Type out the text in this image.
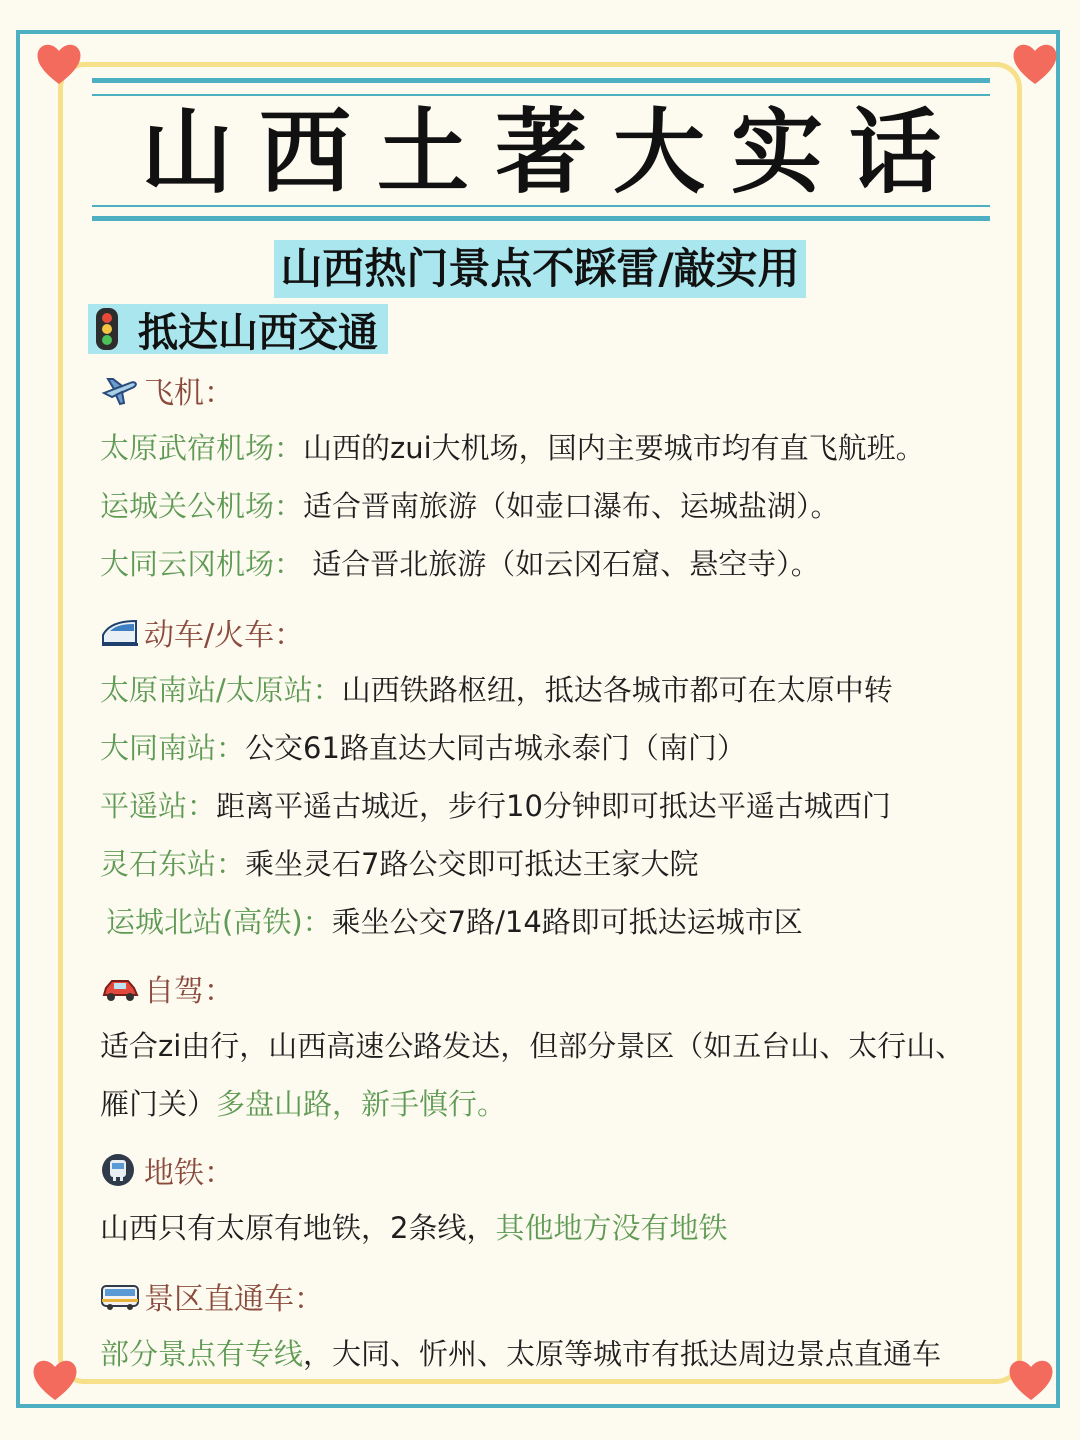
山西土著大实话
山西热门景点不踩雷/敲实用
抵达山西交通
飞机：
太原武宿机场：山西的zui大机场，国内主要城市均有直飞航班。
运城关公机场：适合晋南旅游（如壶口瀑布、运城盐湖）。
大同云冈机场： 适合晋北旅游（如云冈石窟、悬空寺）。
动车/火车：
太原南站/太原站：山西铁路枢纽，抵达各城市都可在太原中转
大同南站：公交61路直达大同古城永泰门（南门）
平遥站：距离平遥古城近，步行10分钟即可抵达平遥古城西门
灵石东站：乘坐灵石7路公交即可抵达王家大院
运城北站(高铁)：乘坐公交7路/14路即可抵达运城市区
自驾：
适合zi由行，山西高速公路发达，但部分景区（如五台山、太行山、
雁门关）多盘山路，新手慎行。
地铁：
山西只有太原有地铁，2条线，其他地方没有地铁
景区直通车：
部分景点有专线，大同、忻州、太原等城市有抵达周边景点直通车
